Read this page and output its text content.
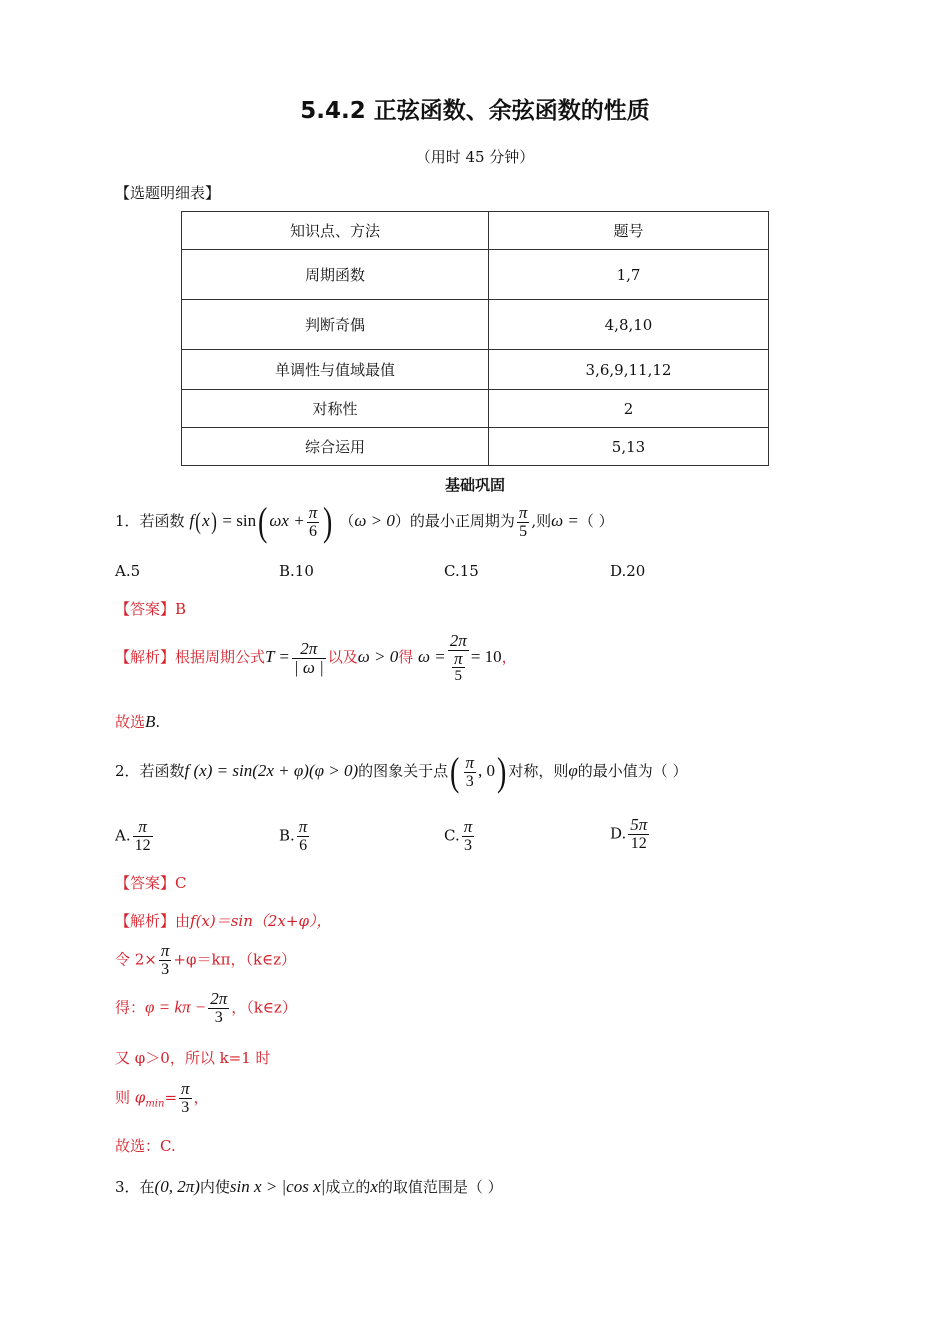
5.4.2 正弦函数、余弦函数的性质
（用时 45 分钟）
【选题明细表】
知识点、方法	题号
周期函数	1,7
判断奇偶	4,8,10
单调性与值域最值	3,6,9,11,12
对称性	2
综合运用	5,13
基础巩固
1．若函数 f(x) = sin( $\omega x + \frac{\pi}{6}$ ) （ω > 0）的最小正周期为 $\frac{\pi}{5}$ ,则ω =（ ）
A.5	B.10	C.15	D.20
【答案】B
【解析】根据周期公式$T = \frac{2\pi}{| \omega |}$ 以及ω > 0得 $\omega = \frac{2\pi}{\frac{\pi}{5}} = 10$，
故选B.
2．若函数f (x) = sin(2x + φ)(φ > 0)的图象关于点( $\frac{\pi}{3}$ , 0) 对称，则φ的最小值为（ ）
A. $\frac{\pi}{12}$	B. $\frac{\pi}{6}$	C. $\frac{\pi}{3}$	D. $\frac{5\pi}{12}$
【答案】C
【解析】由f(x)＝sin（2x+φ），
令 $2\times \frac{\pi}{3} +\varphi=k\pi$，（k∈z）
得：$\varphi = k\pi - \frac{2\pi}{3}$ ，（k∈z）
又 φ＞0，所以 k=1 时
则 $\varphi_{min}= \frac{\pi}{3}$ ，
故选：C.
3．在(0, 2π)内使sin x > |cos x|成立的x的取值范围是（ ）
